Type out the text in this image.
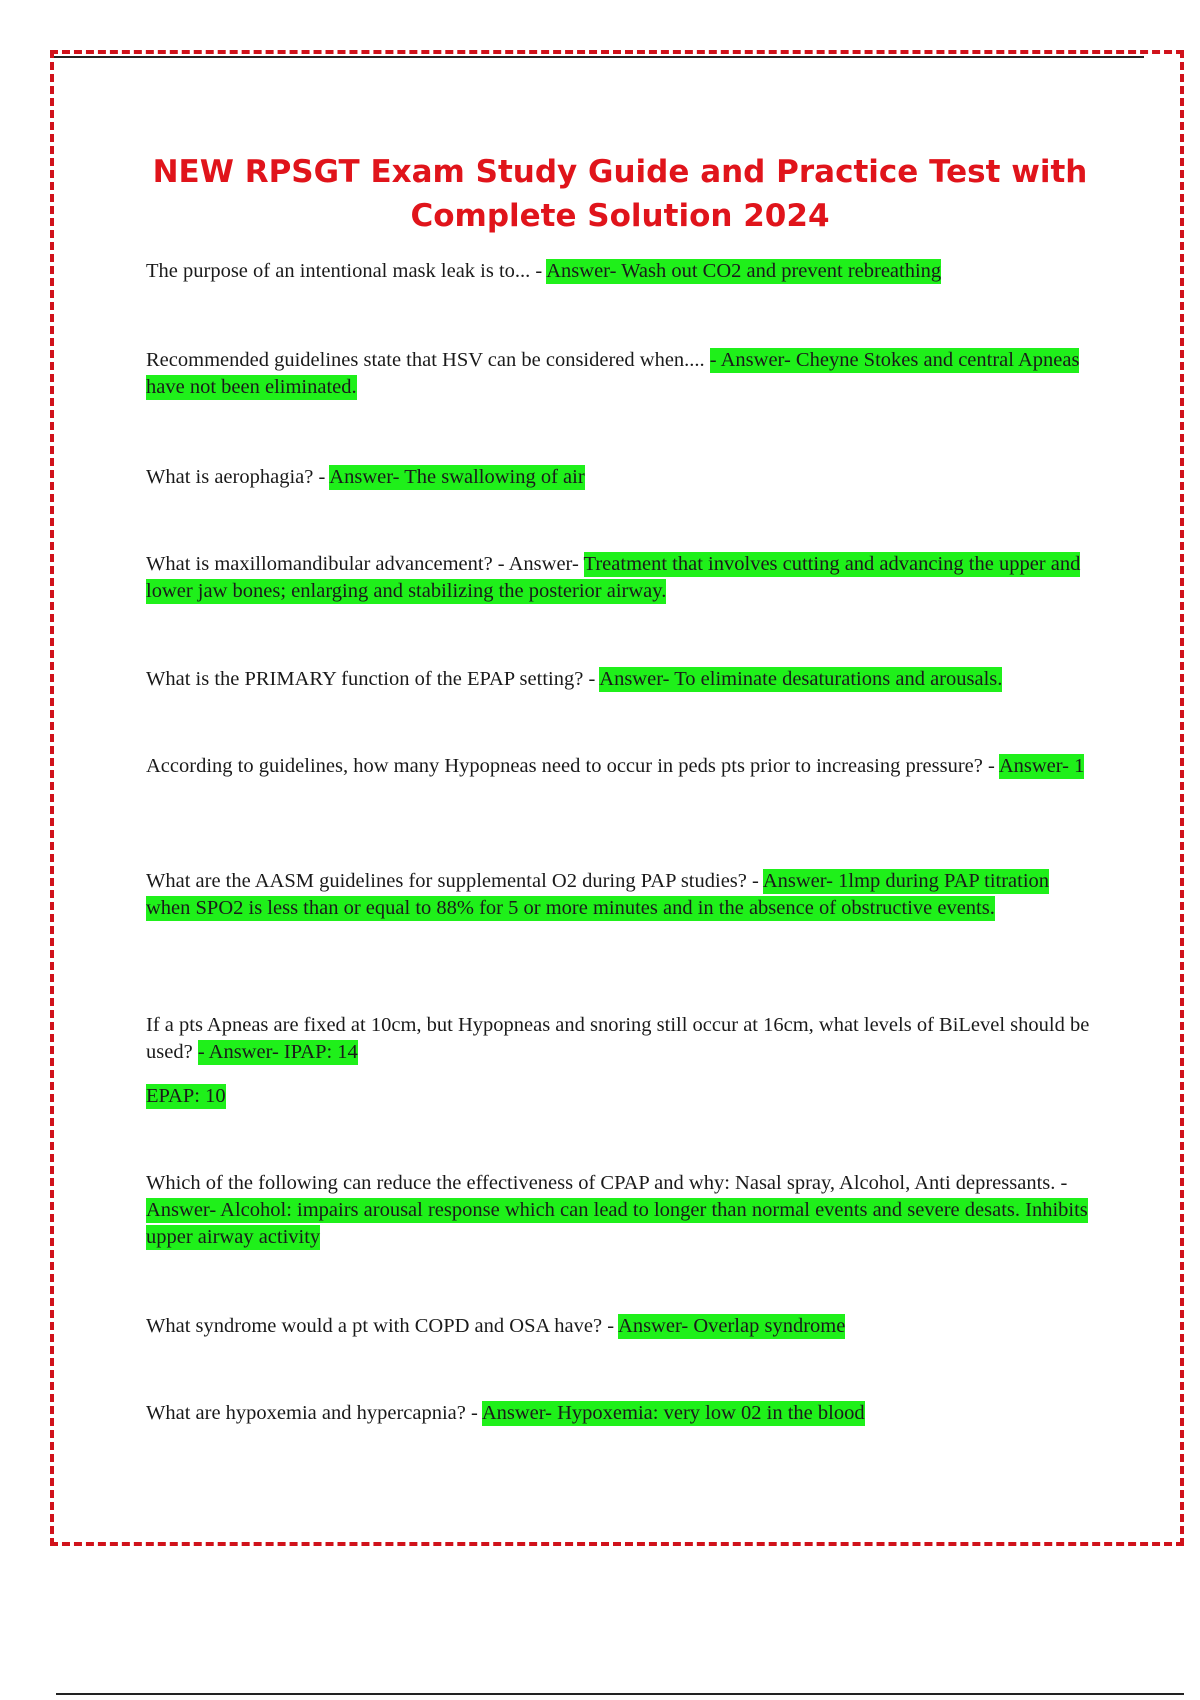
NEW RPSGT Exam Study Guide and Practice Test with
Complete Solution 2024

The purpose of an intentional mask leak is to... - Answer- Wash out CO2 and prevent rebreathing

Recommended guidelines state that HSV can be considered when.... - Answer- Cheyne Stokes and central Apneas have not been eliminated.

What is aerophagia? - Answer- The swallowing of air

What is maxillomandibular advancement? - Answer- Treatment that involves cutting and advancing the upper and lower jaw bones; enlarging and stabilizing the posterior airway.

What is the PRIMARY function of the EPAP setting? - Answer- To eliminate desaturations and arousals.

According to guidelines, how many Hypopneas need to occur in peds pts prior to increasing pressure? - Answer- 1

What are the AASM guidelines for supplemental O2 during PAP studies? - Answer- 1lmp during PAP titration when SPO2 is less than or equal to 88% for 5 or more minutes and in the absence of obstructive events.

If a pts Apneas are fixed at 10cm, but Hypopneas and snoring still occur at 16cm, what levels of BiLevel should be used? - Answer- IPAP: 14

EPAP: 10

Which of the following can reduce the effectiveness of CPAP and why: Nasal spray, Alcohol, Anti depressants. - Answer- Alcohol: impairs arousal response which can lead to longer than normal events and severe desats. Inhibits upper airway activity

What syndrome would a pt with COPD and OSA have? - Answer- Overlap syndrome

What are hypoxemia and hypercapnia? - Answer- Hypoxemia: very low 02 in the blood
